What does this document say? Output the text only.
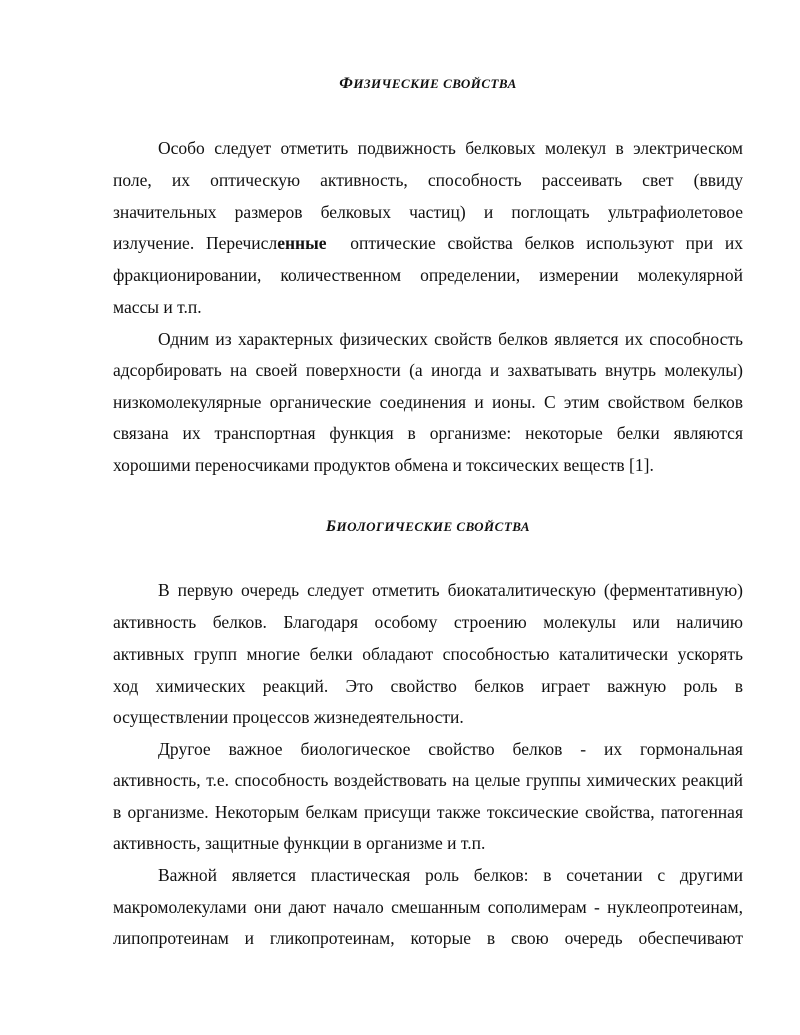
ФИЗИЧЕСКИЕ СВОЙСТВА
Особо следует отметить подвижность белковых молекул в электрическом
поле, их оптическую активность, способность рассеивать свет (ввиду
значительных размеров белковых частиц) и поглощать ультрафиолетовое
излучение. Перечисленные  оптические свойства белков используют при их
фракционировании, количественном определении, измерении молекулярной
массы и т.п.
Одним из характерных физических свойств белков является их способность
адсорбировать на своей поверхности (а иногда и захватывать внутрь молекулы)
низкомолекулярные органические соединения и ионы. С этим свойством белков
связана их транспортная функция в организме: некоторые белки являются
хорошими переносчиками продуктов обмена и токсических веществ [1].
БИОЛОГИЧЕСКИЕ СВОЙСТВА
В первую очередь следует отметить биокаталитическую (ферментативную)
активность белков. Благодаря особому строению молекулы или наличию
активных групп многие белки обладают способностью каталитически ускорять
ход химических реакций. Это свойство белков играет важную роль в
осуществлении процессов жизнедеятельности.
Другое важное биологическое свойство белков - их гормональная
активность, т.е. способность воздействовать на целые группы химических реакций
в организме. Некоторым белкам присущи также токсические свойства, патогенная
активность, защитные функции в организме и т.п.
Важной является пластическая роль белков: в сочетании с другими
макромолекулами они дают начало смешанным сополимерам - нуклеопротеинам,
липопротеинам и гликопротеинам, которые в свою очередь обеспечивают
